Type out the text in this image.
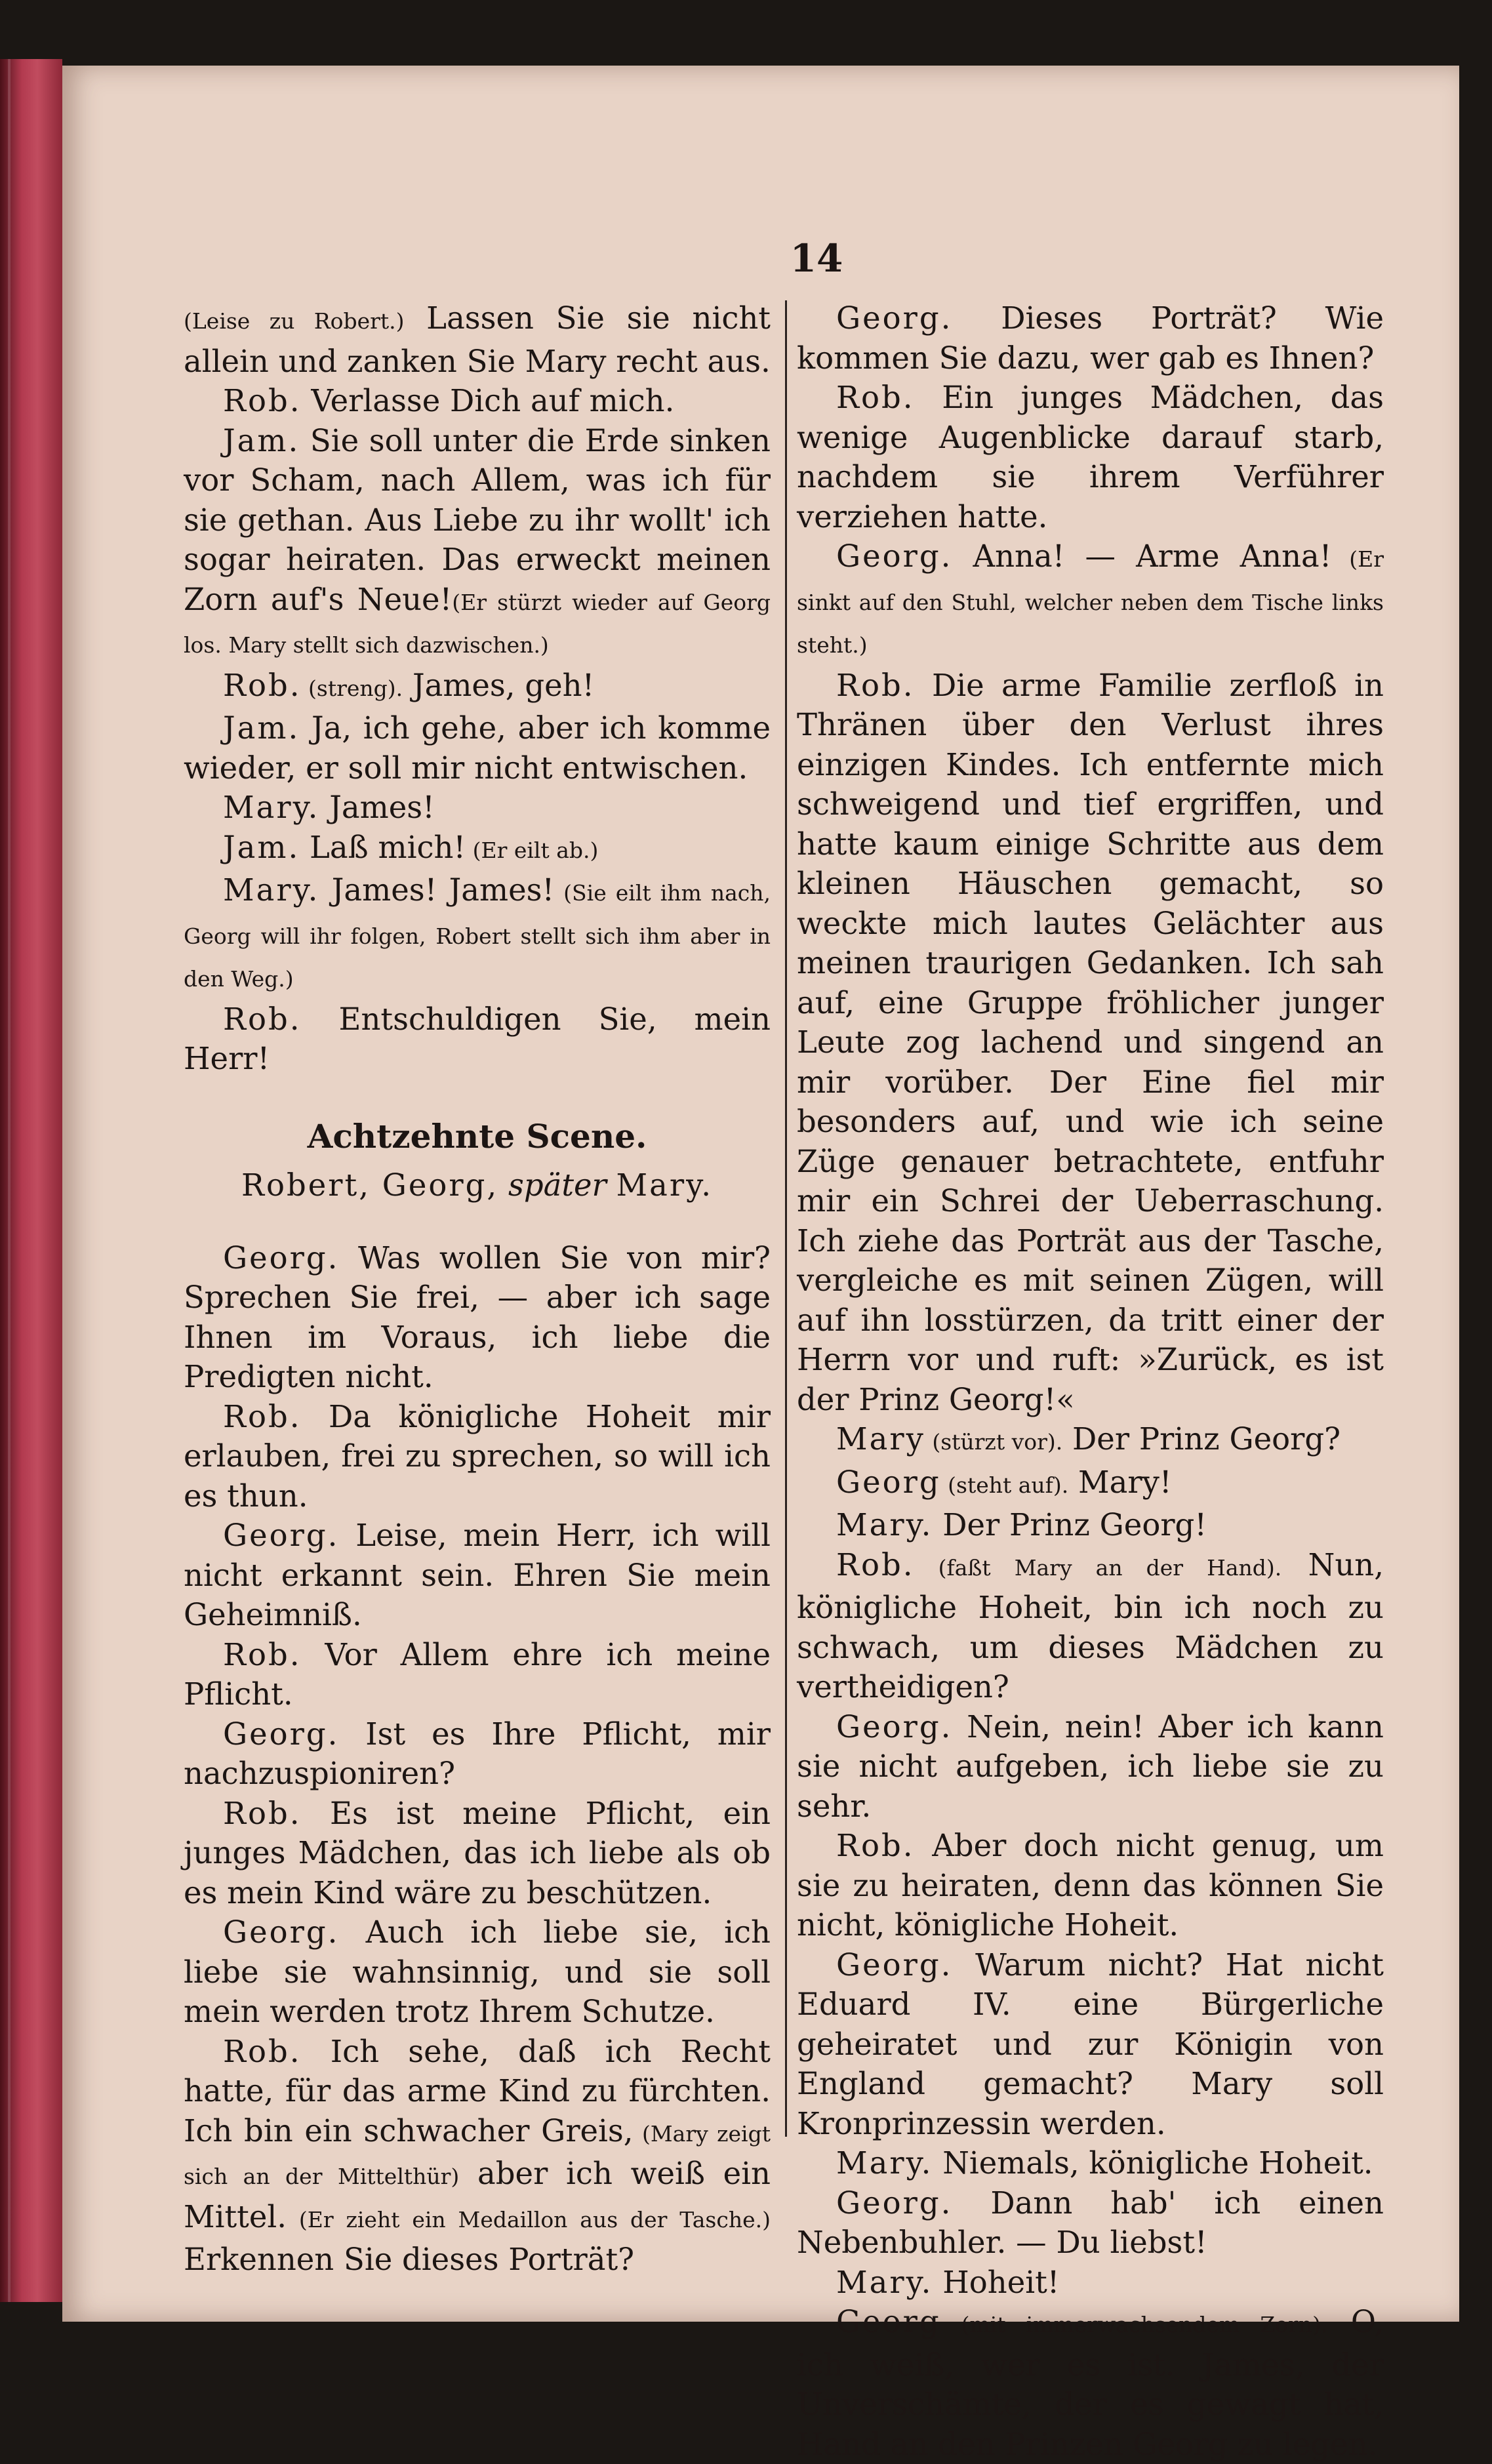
14

(Leise zu Robert.) Lassen Sie sie nicht allein und zanken Sie Mary recht aus.

Rob. Verlasse Dich auf mich.

Jam. Sie soll unter die Erde sinken vor Scham, nach Allem, was ich für sie gethan. Aus Liebe zu ihr wollt' ich sogar heiraten. Das erweckt meinen Zorn auf's Neue!(Er stürzt wieder auf Georg los. Mary stellt sich dazwischen.)

Rob. (streng). James, geh!

Jam. Ja, ich gehe, aber ich komme wieder, er soll mir nicht entwischen.

Mary. James!

Jam. Laß mich! (Er eilt ab.)

Mary. James! James! (Sie eilt ihm nach, Georg will ihr folgen, Robert stellt sich ihm aber in den Weg.)

Rob. Entschuldigen Sie, mein Herr!

Achtzehnte Scene.
Robert, Georg, später Mary.

Georg. Was wollen Sie von mir? Sprechen Sie frei, — aber ich sage Ihnen im Voraus, ich liebe die Predigten nicht.

Rob. Da königliche Hoheit mir erlauben, frei zu sprechen, so will ich es thun.

Georg. Leise, mein Herr, ich will nicht erkannt sein. Ehren Sie mein Geheimniß.

Rob. Vor Allem ehre ich meine Pflicht.

Georg. Ist es Ihre Pflicht, mir nachzuspioniren?

Rob. Es ist meine Pflicht, ein junges Mädchen, das ich liebe als ob es mein Kind wäre zu beschützen.

Georg. Auch ich liebe sie, ich liebe sie wahnsinnig, und sie soll mein werden trotz Ihrem Schutze.

Rob. Ich sehe, daß ich Recht hatte, für das arme Kind zu fürchten. Ich bin ein schwacher Greis, (Mary zeigt sich an der Mittelthür) aber ich weiß ein Mittel. (Er zieht ein Medaillon aus der Tasche.) Erkennen Sie dieses Porträt?

Georg. Dieses Porträt? Wie kommen Sie dazu, wer gab es Ihnen?

Rob. Ein junges Mädchen, das wenige Augenblicke darauf starb, nachdem sie ihrem Verführer verziehen hatte.

Georg. Anna! — Arme Anna! (Er sinkt auf den Stuhl, welcher neben dem Tische links steht.)

Rob. Die arme Familie zerfloß in Thränen über den Verlust ihres einzigen Kindes. Ich entfernte mich schweigend und tief ergriffen, und hatte kaum einige Schritte aus dem kleinen Häuschen gemacht, so weckte mich lautes Gelächter aus meinen traurigen Gedanken. Ich sah auf, eine Gruppe fröhlicher junger Leute zog lachend und singend an mir vorüber. Der Eine fiel mir besonders auf, und wie ich seine Züge genauer betrachtete, entfuhr mir ein Schrei der Ueberraschung. Ich ziehe das Porträt aus der Tasche, vergleiche es mit seinen Zügen, will auf ihn losstürzen, da tritt einer der Herrn vor und ruft: »Zurück, es ist der Prinz Georg!«

Mary (stürzt vor). Der Prinz Georg?

Georg (steht auf). Mary!

Mary. Der Prinz Georg!

Rob. (faßt Mary an der Hand). Nun, königliche Hoheit, bin ich noch zu schwach, um dieses Mädchen zu vertheidigen?

Georg. Nein, nein! Aber ich kann sie nicht aufgeben, ich liebe sie zu sehr.

Rob. Aber doch nicht genug, um sie zu heiraten, denn das können Sie nicht, königliche Hoheit.

Georg. Warum nicht? Hat nicht Eduard IV. eine Bürgerliche geheiratet und zur Königin von England gemacht? Mary soll Kronprinzessin werden.

Mary. Niemals, königliche Hoheit.

Georg. Dann hab' ich einen Nebenbuhler. — Du liebst!

Mary. Hoheit!

Georg (mit immerwachsendem Zorn). O, ich weiß, wer es ist. James, der Unverschämte, der es gewagt hat, Hand an den Prinzen Georg zu legen.
